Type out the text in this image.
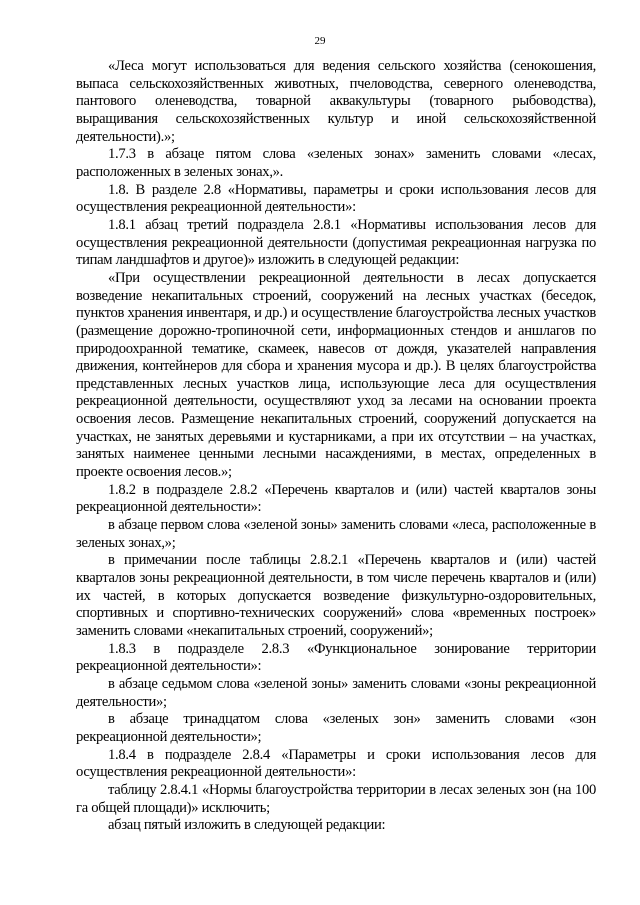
29

«Леса могут использоваться для ведения сельского хозяйства (сенокошения, выпаса сельскохозяйственных животных, пчеловодства, северного оленеводства, пантового оленеводства, товарной аквакультуры (товарного рыбоводства), выращивания сельскохозяйственных культур и иной сельскохозяйственной деятельности).»;

1.7.3 в абзаце пятом слова «зеленых зонах» заменить словами «лесах, расположенных в зеленых зонах,».

1.8. В разделе 2.8 «Нормативы, параметры и сроки использования лесов для осуществления рекреационной деятельности»:

1.8.1 абзац третий подраздела 2.8.1 «Нормативы использования лесов для осуществления рекреационной деятельности (допустимая рекреационная нагрузка по типам ландшафтов и другое)» изложить в следующей редакции:

«При осуществлении рекреационной деятельности в лесах допускается возведение некапитальных строений, сооружений на лесных участках (беседок, пунктов хранения инвентаря, и др.) и осуществление благоустройства лесных участков (размещение дорожно-тропиночной сети, информационных стендов и аншлагов по природоохранной тематике, скамеек, навесов от дождя, указателей направления движения, контейнеров для сбора и хранения мусора и др.). В целях благоустройства представленных лесных участков лица, использующие леса для осуществления рекреационной деятельности, осуществляют уход за лесами на основании проекта освоения лесов. Размещение некапитальных строений, сооружений допускается на участках, не занятых деревьями и кустарниками, а при их отсутствии – на участках, занятых наименее ценными лесными насаждениями, в местах, определенных в проекте освоения лесов.»;

1.8.2 в подразделе 2.8.2 «Перечень кварталов и (или) частей кварталов зоны рекреационной деятельности»:

в абзаце первом слова «зеленой зоны» заменить словами «леса, расположенные в зеленых зонах,»;

в примечании после таблицы 2.8.2.1 «Перечень кварталов и (или) частей кварталов зоны рекреационной деятельности, в том числе перечень кварталов и (или) их частей, в которых допускается возведение физкультурно-оздоровительных, спортивных и спортивно-технических сооружений» слова «временных построек» заменить словами «некапитальных строений, сооружений»;

1.8.3 в подразделе 2.8.3 «Функциональное зонирование территории рекреационной деятельности»:

в абзаце седьмом слова «зеленой зоны» заменить словами «зоны рекреационной деятельности»;

в абзаце тринадцатом слова «зеленых зон» заменить словами «зон рекреационной деятельности»;

1.8.4 в подразделе 2.8.4 «Параметры и сроки использования лесов для осуществления рекреационной деятельности»:

таблицу 2.8.4.1 «Нормы благоустройства территории в лесах зеленых зон (на 100 га общей площади)» исключить;

абзац пятый изложить в следующей редакции:
